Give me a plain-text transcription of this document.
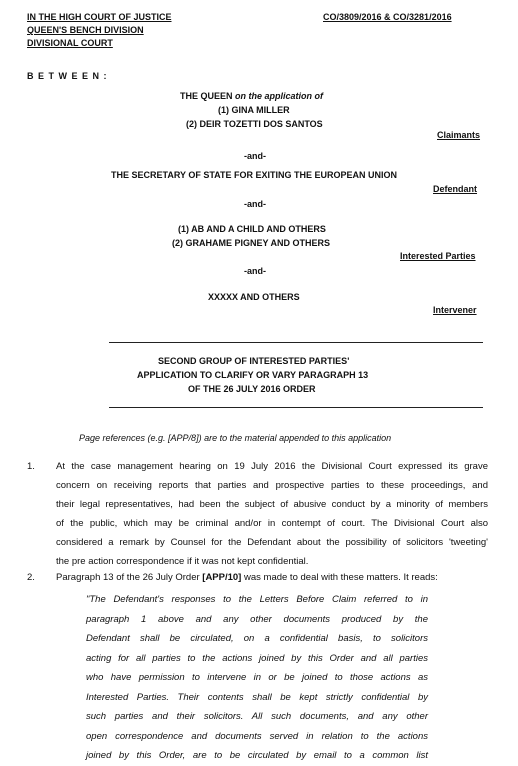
IN THE HIGH COURT OF JUSTICE
QUEEN'S BENCH DIVISION
DIVISIONAL COURT
CO/3809/2016 & CO/3281/2016
B E T W E E N :
THE QUEEN on the application of
(1) GINA MILLER
(2) DEIR TOZETTI DOS SANTOS
Claimants
-and-
THE SECRETARY OF STATE FOR EXITING THE EUROPEAN UNION
Defendant
-and-
(1) AB AND A CHILD AND OTHERS
(2) GRAHAME PIGNEY AND OTHERS
Interested Parties
-and-
XXXXX AND OTHERS
Intervener
SECOND GROUP OF INTERESTED PARTIES'
APPLICATION TO CLARIFY OR VARY PARAGRAPH 13
OF THE 26 JULY 2016 ORDER
Page references (e.g. [APP/8]) are to the material appended to this application
1. At the case management hearing on 19 July 2016 the Divisional Court expressed its grave
concern on receiving reports that parties and prospective parties to these proceedings, and
their legal representatives, had been the subject of abusive conduct by a minority of members
of the public, which may be criminal and/or in contempt of court. The Divisional Court also
considered a remark by Counsel for the Defendant about the possibility of solicitors 'tweeting'
the pre action correspondence if it was not kept confidential.
2. Paragraph 13 of the 26 July Order [APP/10] was made to deal with these matters. It reads:
"The Defendant's responses to the Letters Before Claim referred to in
paragraph 1 above and any other documents produced by the
Defendant shall be circulated, on a confidential basis, to solicitors
acting for all parties to the actions joined by this Order and all parties
who have permission to intervene in or be joined to those actions as
Interested Parties. Their contents shall be kept strictly confidential by
such parties and their solicitors. All such documents, and any other
open correspondence and documents served in relation to the actions
joined by this Order, are to be circulated by email to a common list
